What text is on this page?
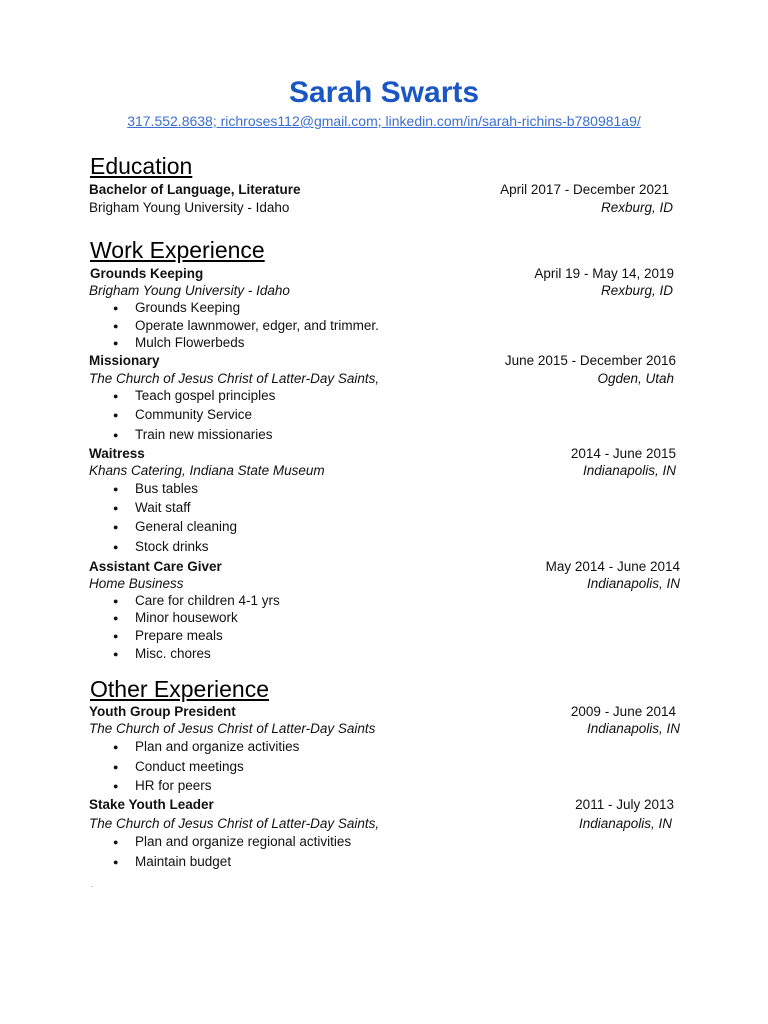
Sarah Swarts
317.552.8638; richroses112@gmail.com; linkedin.com/in/sarah-richins-b780981a9/
Education
Bachelor of Language, Literature	April 2017 - December 2021
Brigham Young University - Idaho	Rexburg, ID
Work Experience
Grounds Keeping	April 19 - May 14, 2019
Brigham Young University - Idaho	Rexburg, ID
● Grounds Keeping
● Operate lawnmower, edger, and trimmer.
● Mulch Flowerbeds
Missionary	June 2015 - December 2016
The Church of Jesus Christ of Latter-Day Saints,	Ogden, Utah
● Teach gospel principles
● Community Service
● Train new missionaries
Waitress	2014 - June 2015
Khans Catering, Indiana State Museum	Indianapolis, IN
● Bus tables
● Wait staff
● General cleaning
● Stock drinks
Assistant Care Giver	May 2014 - June 2014
Home Business	Indianapolis, IN
● Care for children 4-1 yrs
● Minor housework
● Prepare meals
● Misc. chores
Other Experience
Youth Group President	2009 - June 2014
The Church of Jesus Christ of Latter-Day Saints	Indianapolis, IN
● Plan and organize activities
● Conduct meetings
● HR for peers
Stake Youth Leader	2011 - July 2013
The Church of Jesus Christ of Latter-Day Saints,	Indianapolis, IN
● Plan and organize regional activities
● Maintain budget
.
